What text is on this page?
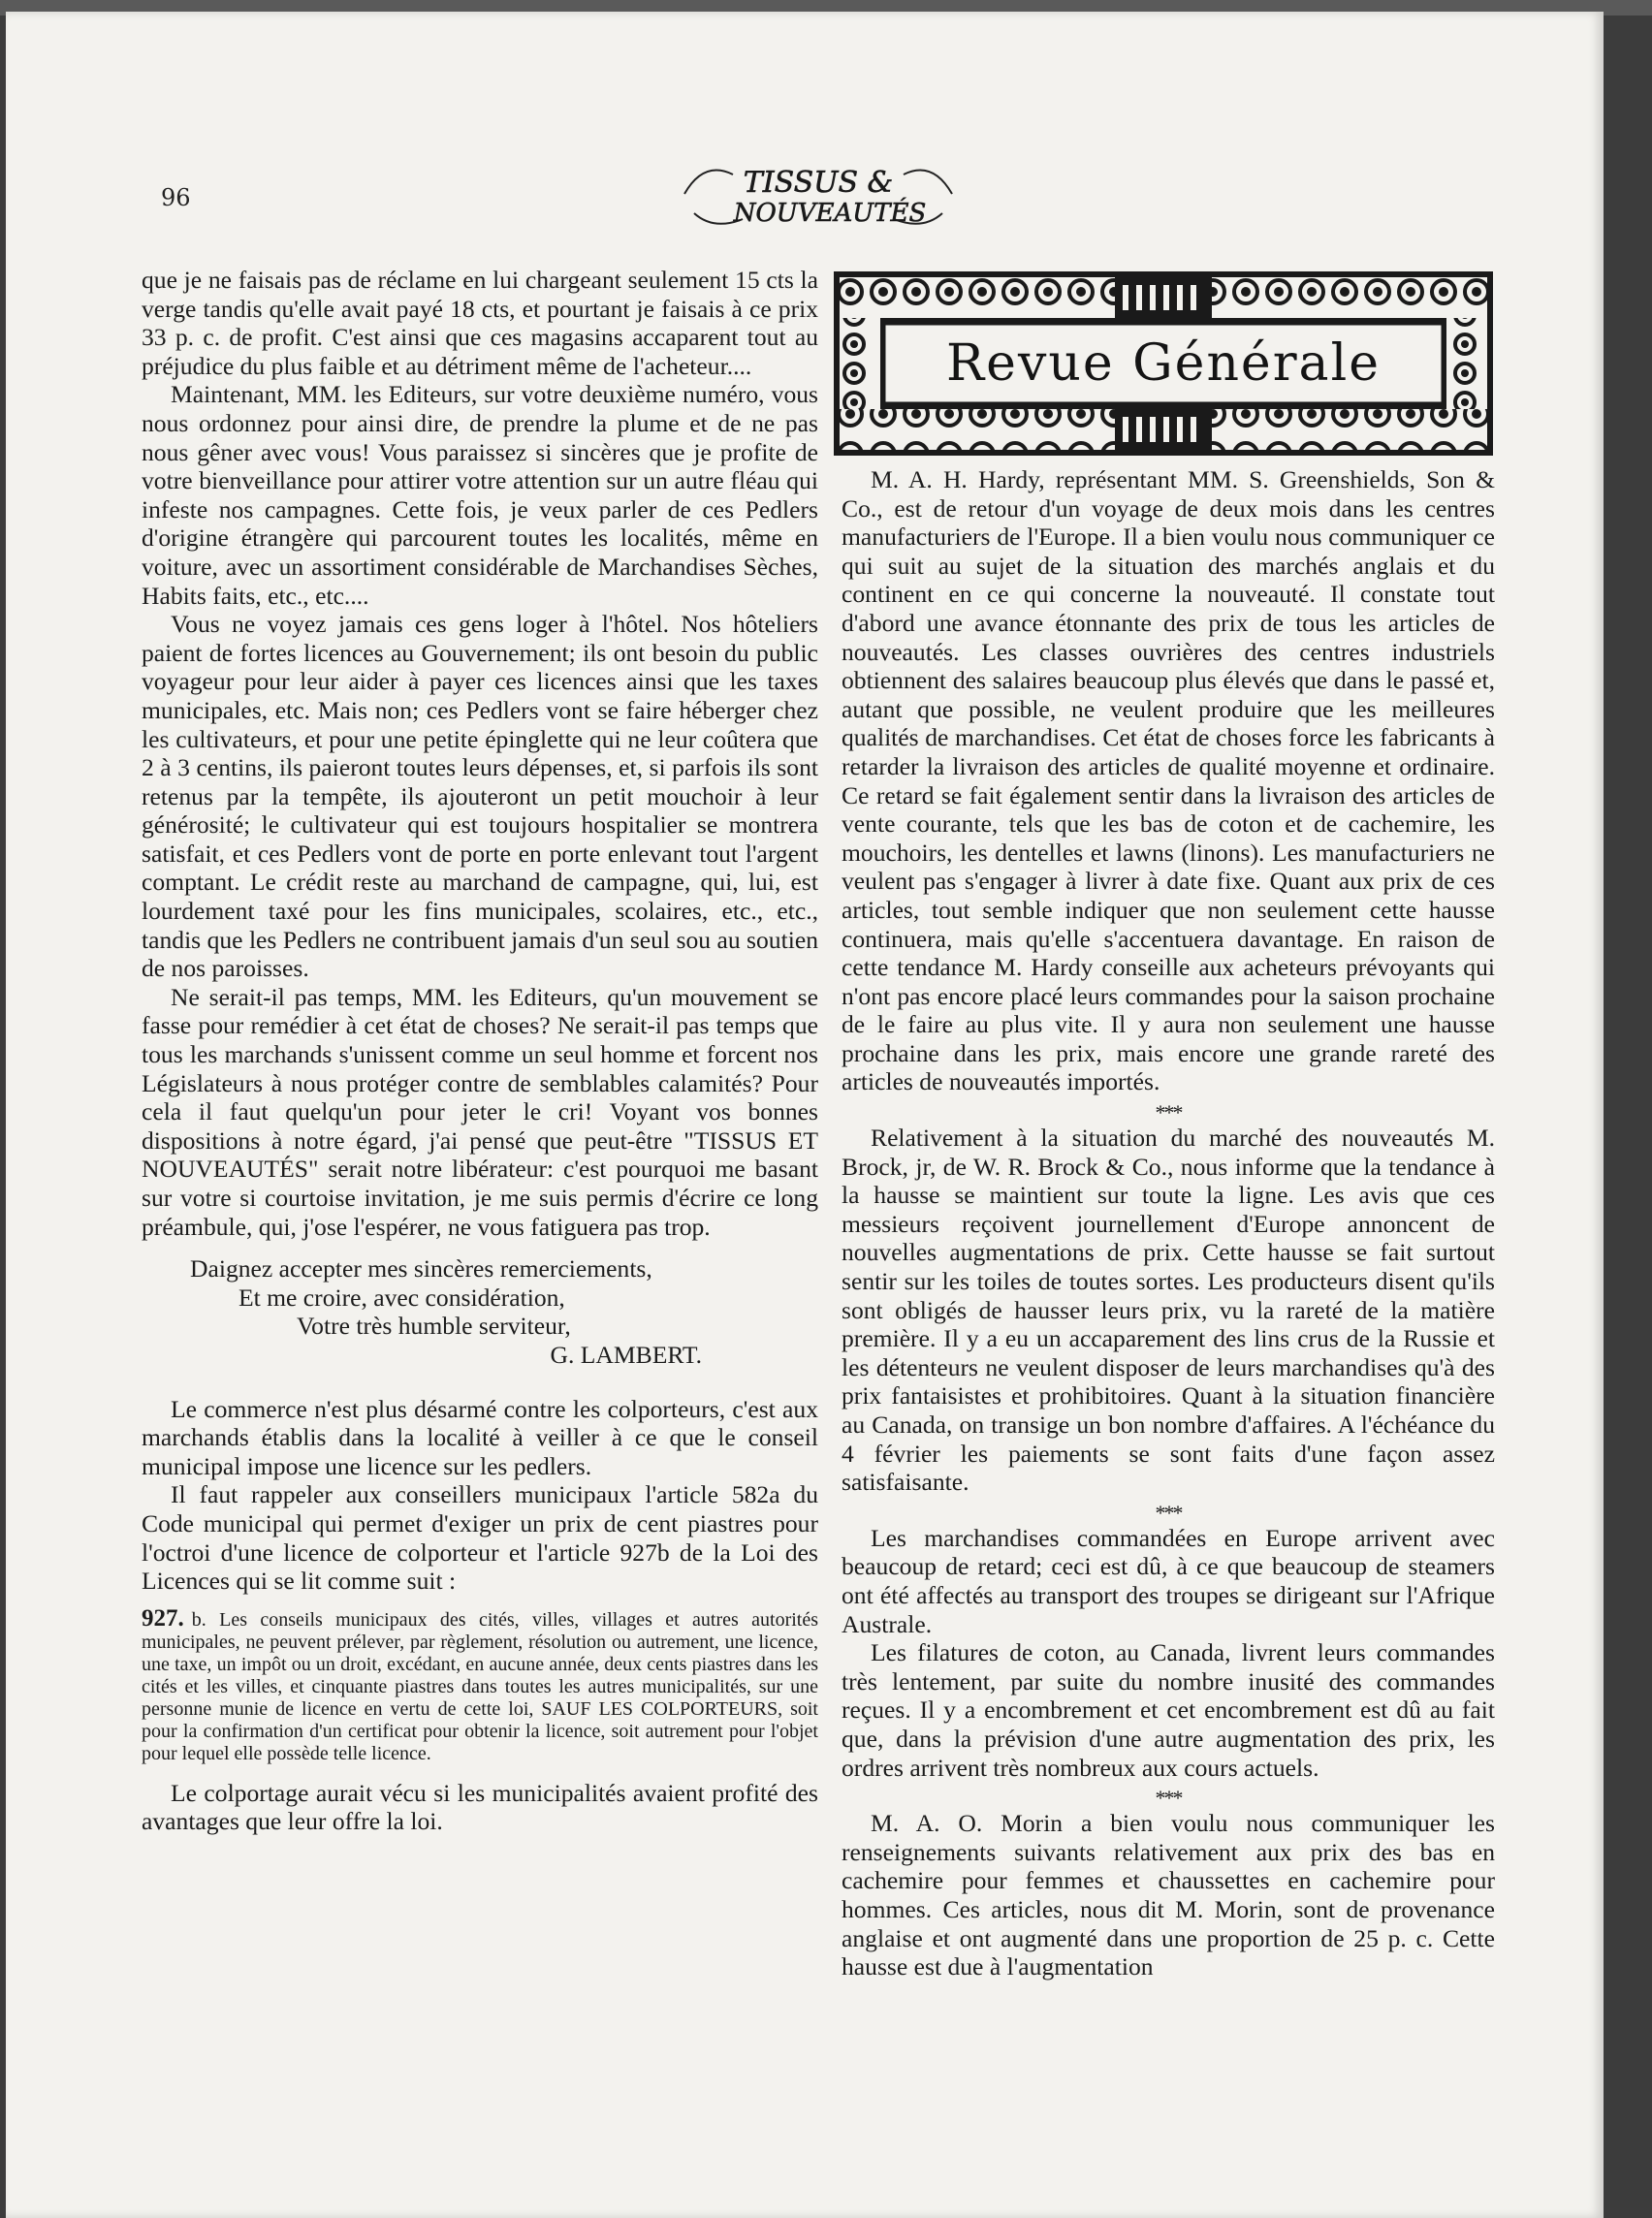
96	TISSUS &
NOUVEAUTÉS

que je ne faisais pas de réclame en lui chargeant seulement 15 cts la verge tandis qu'elle avait payé 18 cts, et pourtant je faisais à ce prix 33 p. c. de profit. C'est ainsi que ces magasins accaparent tout au préjudice du plus faible et au détriment même de l'acheteur....

Maintenant, MM. les Editeurs, sur votre deuxième numéro, vous nous ordonnez pour ainsi dire, de prendre la plume et de ne pas nous gêner avec vous! Vous paraissez si sincères que je profite de votre bienveillance pour attirer votre attention sur un autre fléau qui infeste nos campagnes. Cette fois, je veux parler de ces Pedlers d'origine étrangère qui parcourent toutes les localités, même en voiture, avec un assortiment considérable de Marchandises Sèches, Habits faits, etc., etc....

Vous ne voyez jamais ces gens loger à l'hôtel. Nos hôteliers paient de fortes licences au Gouvernement; ils ont besoin du public voyageur pour leur aider à payer ces licences ainsi que les taxes municipales, etc. Mais non; ces Pedlers vont se faire héberger chez les cultivateurs, et pour une petite épinglette qui ne leur coûtera que 2 à 3 centins, ils paieront toutes leurs dépenses, et, si parfois ils sont retenus par la tempête, ils ajouteront un petit mouchoir à leur générosité; le cultivateur qui est toujours hospitalier se montrera satisfait, et ces Pedlers vont de porte en porte enlevant tout l'argent comptant. Le crédit reste au marchand de campagne, qui, lui, est lourdement taxé pour les fins municipales, scolaires, etc., etc., tandis que les Pedlers ne contribuent jamais d'un seul sou au soutien de nos paroisses.

Ne serait-il pas temps, MM. les Editeurs, qu'un mouvement se fasse pour remédier à cet état de choses? Ne serait-il pas temps que tous les marchands s'unissent comme un seul homme et forcent nos Législateurs à nous protéger contre de semblables calamités? Pour cela il faut quelqu'un pour jeter le cri! Voyant vos bonnes dispositions à notre égard, j'ai pensé que peut-être "TISSUS ET NOUVEAUTÉS" serait notre libérateur: c'est pourquoi me basant sur votre si courtoise invitation, je me suis permis d'écrire ce long préambule, qui, j'ose l'espérer, ne vous fatiguera pas trop.

Daignez accepter mes sincères remerciements,

Et me croire, avec considération,

Votre très humble serviteur,

G. LAMBERT.

Le commerce n'est plus désarmé contre les colporteurs, c'est aux marchands établis dans la localité à veiller à ce que le conseil municipal impose une licence sur les pedlers.

Il faut rappeler aux conseillers municipaux l'article 582a du Code municipal qui permet d'exiger un prix de cent piastres pour l'octroi d'une licence de colporteur et l'article 927b de la Loi des Licences qui se lit comme suit :

927. b. Les conseils municipaux des cités, villes, villages et autres autorités municipales, ne peuvent prélever, par règlement, résolution ou autrement, une licence, une taxe, un impôt ou un droit, excédant, en aucune année, deux cents piastres dans les cités et les villes, et cinquante piastres dans toutes les autres municipalités, sur une personne munie de licence en vertu de cette loi, SAUF LES COLPORTEURS, soit pour la confirmation d'un certificat pour obtenir la licence, soit autrement pour l'objet pour lequel elle possède telle licence.

Le colportage aurait vécu si les municipalités avaient profité des avantages que leur offre la loi.

Revue Générale

M. A. H. Hardy, représentant MM. S. Greenshields, Son & Co., est de retour d'un voyage de deux mois dans les centres manufacturiers de l'Europe. Il a bien voulu nous communiquer ce qui suit au sujet de la situation des marchés anglais et du continent en ce qui concerne la nouveauté. Il constate tout d'abord une avance étonnante des prix de tous les articles de nouveautés. Les classes ouvrières des centres industriels obtiennent des salaires beaucoup plus élevés que dans le passé et, autant que possible, ne veulent produire que les meilleures qualités de marchandises. Cet état de choses force les fabricants à retarder la livraison des articles de qualité moyenne et ordinaire. Ce retard se fait également sentir dans la livraison des articles de vente courante, tels que les bas de coton et de cachemire, les mouchoirs, les dentelles et lawns (linons). Les manufacturiers ne veulent pas s'engager à livrer à date fixe. Quant aux prix de ces articles, tout semble indiquer que non seulement cette hausse continuera, mais qu'elle s'accentuera davantage. En raison de cette tendance M. Hardy conseille aux acheteurs prévoyants qui n'ont pas encore placé leurs commandes pour la saison prochaine de le faire au plus vite. Il y aura non seulement une hausse prochaine dans les prix, mais encore une grande rareté des articles de nouveautés importés.

***

Relativement à la situation du marché des nouveautés M. Brock, jr, de W. R. Brock & Co., nous informe que la tendance à la hausse se maintient sur toute la ligne. Les avis que ces messieurs reçoivent journellement d'Europe annoncent de nouvelles augmentations de prix. Cette hausse se fait surtout sentir sur les toiles de toutes sortes. Les producteurs disent qu'ils sont obligés de hausser leurs prix, vu la rareté de la matière première. Il y a eu un accaparement des lins crus de la Russie et les détenteurs ne veulent disposer de leurs marchandises qu'à des prix fantaisistes et prohibitoires. Quant à la situation financière au Canada, on transige un bon nombre d'affaires. A l'échéance du 4 février les paiements se sont faits d'une façon assez satisfaisante.

***

Les marchandises commandées en Europe arrivent avec beaucoup de retard; ceci est dû, à ce que beaucoup de steamers ont été affectés au transport des troupes se dirigeant sur l'Afrique Australe.

Les filatures de coton, au Canada, livrent leurs commandes très lentement, par suite du nombre inusité des commandes reçues. Il y a encombrement et cet encombrement est dû au fait que, dans la prévision d'une autre augmentation des prix, les ordres arrivent très nombreux aux cours actuels.

***

M. A. O. Morin a bien voulu nous communiquer les renseignements suivants relativement aux prix des bas en cachemire pour femmes et chaussettes en cachemire pour hommes. Ces articles, nous dit M. Morin, sont de provenance anglaise et ont augmenté dans une proportion de 25 p. c. Cette hausse est due à l'augmentation
